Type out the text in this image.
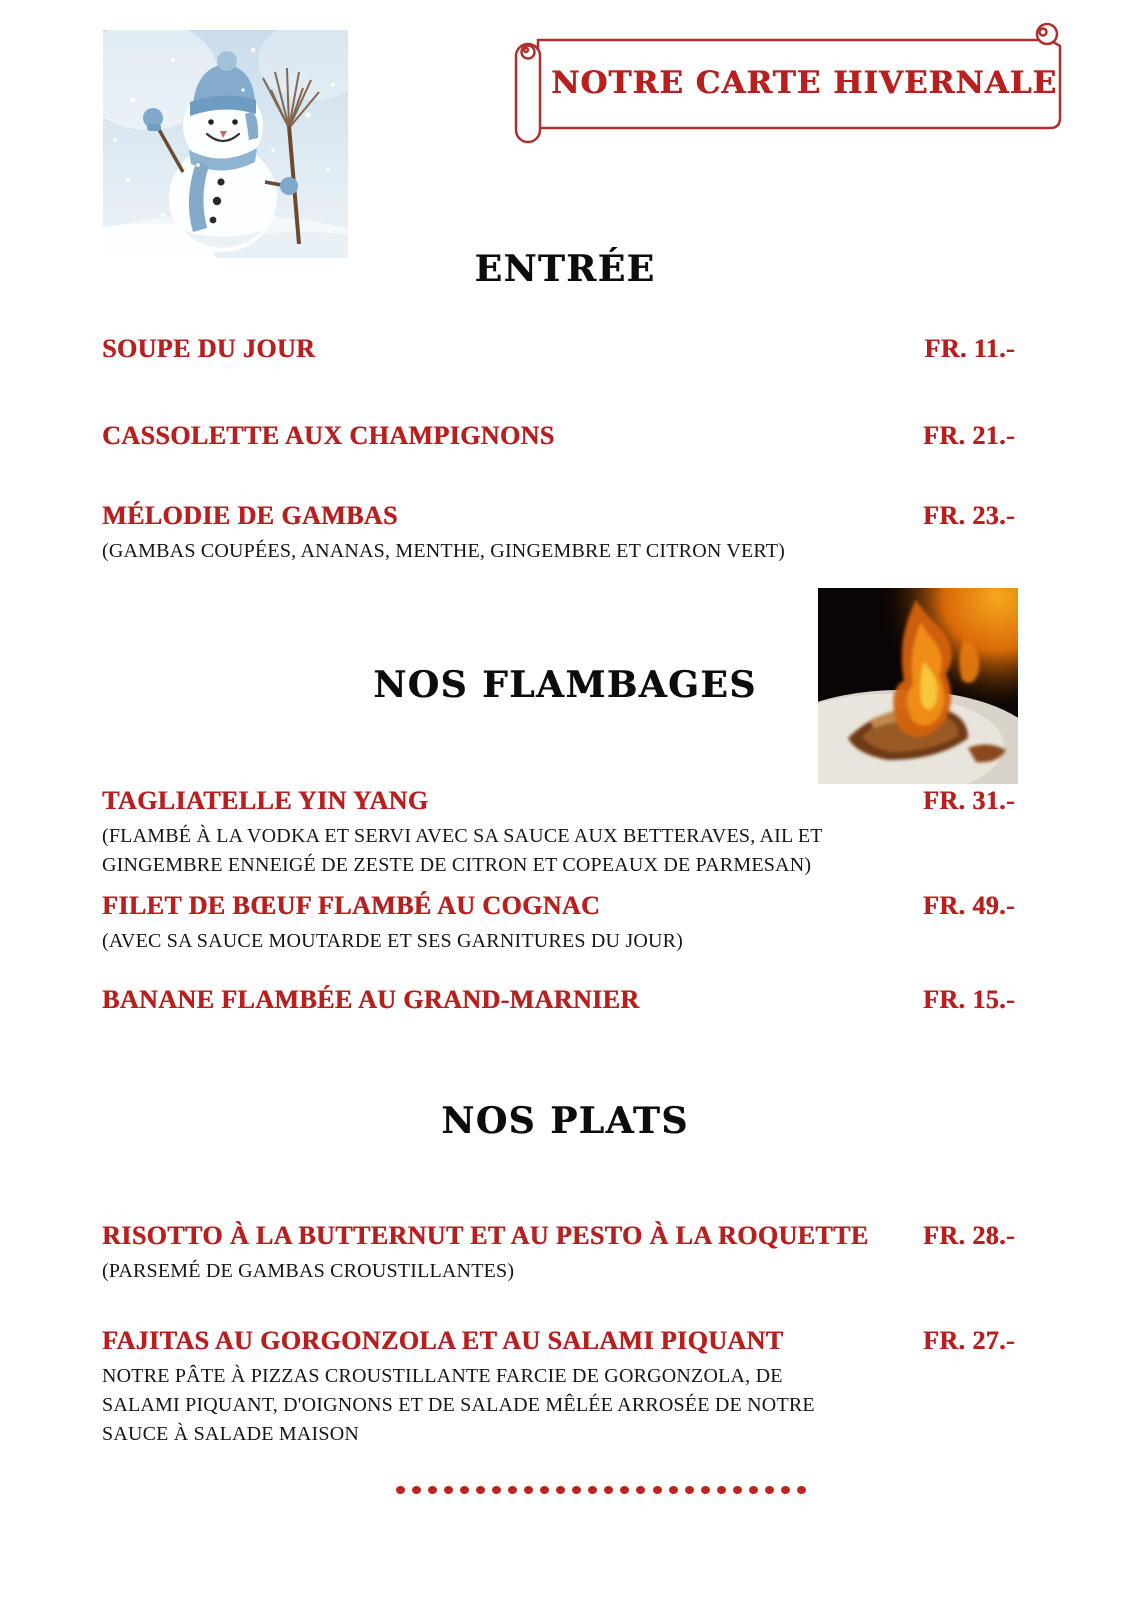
NOTRE CARTE HIVERNALE
ENTRÉE
SOUPE DU JOUR	FR. 11.-
CASSOLETTE AUX CHAMPIGNONS	FR. 21.-
MÉLODIE DE GAMBAS	FR. 23.-
(GAMBAS COUPÉES, ANANAS, MENTHE, GINGEMBRE ET CITRON VERT)
NOS FLAMBAGES
TAGLIATELLE YIN YANG	FR. 31.-
(FLAMBÉ À LA VODKA ET SERVI AVEC SA SAUCE AUX BETTERAVES, AIL ET GINGEMBRE ENNEIGÉ DE ZESTE DE CITRON ET COPEAUX DE PARMESAN)
FILET DE BŒUF FLAMBÉ AU COGNAC	FR. 49.-
(AVEC SA SAUCE MOUTARDE ET SES GARNITURES DU JOUR)
BANANE FLAMBÉE AU GRAND-MARNIER	FR. 15.-
NOS PLATS
RISOTTO À LA BUTTERNUT ET AU PESTO À LA ROQUETTE	FR. 28.-
(PARSEMÉ DE GAMBAS CROUSTILLANTES)
FAJITAS AU GORGONZOLA ET AU SALAMI PIQUANT	FR. 27.-
NOTRE PÂTE À PIZZAS CROUSTILLANTE FARCIE DE GORGONZOLA, DE SALAMI PIQUANT, D'OIGNONS ET DE SALADE MÊLÉE ARROSÉE DE NOTRE SAUCE À SALADE MAISON
